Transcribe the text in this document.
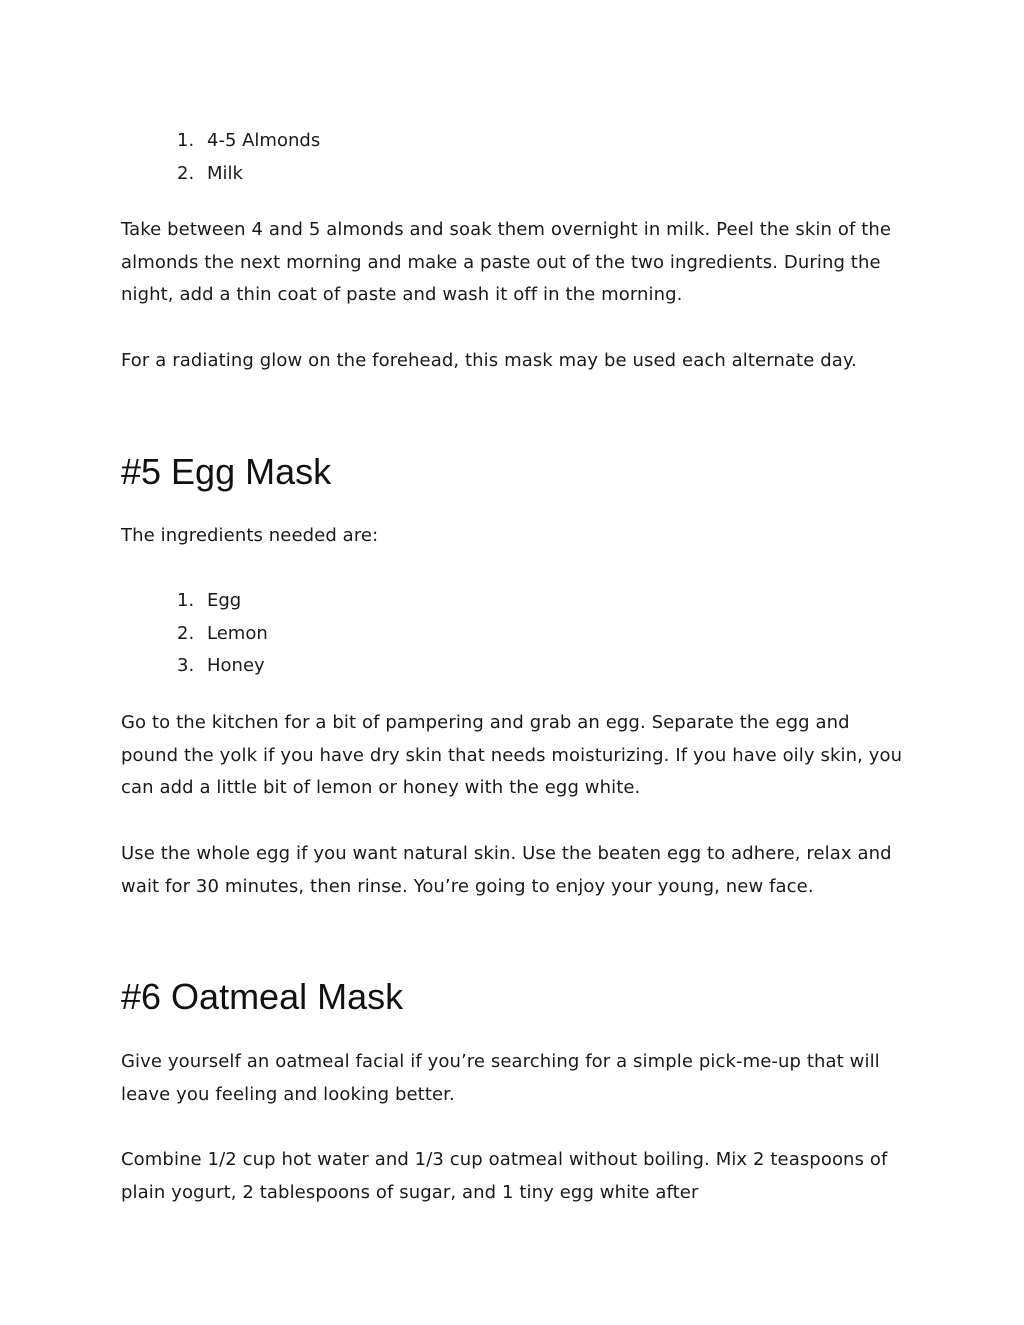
1. 4-5 Almonds
2. Milk

Take between 4 and 5 almonds and soak them overnight in milk. Peel the skin of the almonds the next morning and make a paste out of the two ingredients. During the night, add a thin coat of paste and wash it off in the morning.

For a radiating glow on the forehead, this mask may be used each alternate day.

#5 Egg Mask

The ingredients needed are:

1. Egg
2. Lemon
3. Honey

Go to the kitchen for a bit of pampering and grab an egg. Separate the egg and pound the yolk if you have dry skin that needs moisturizing. If you have oily skin, you can add a little bit of lemon or honey with the egg white.

Use the whole egg if you want natural skin. Use the beaten egg to adhere, relax and wait for 30 minutes, then rinse. You’re going to enjoy your young, new face.

#6 Oatmeal Mask

Give yourself an oatmeal facial if you’re searching for a simple pick-me-up that will leave you feeling and looking better.

Combine 1/2 cup hot water and 1/3 cup oatmeal without boiling. Mix 2 teaspoons of plain yogurt, 2 tablespoons of sugar, and 1 tiny egg white after
